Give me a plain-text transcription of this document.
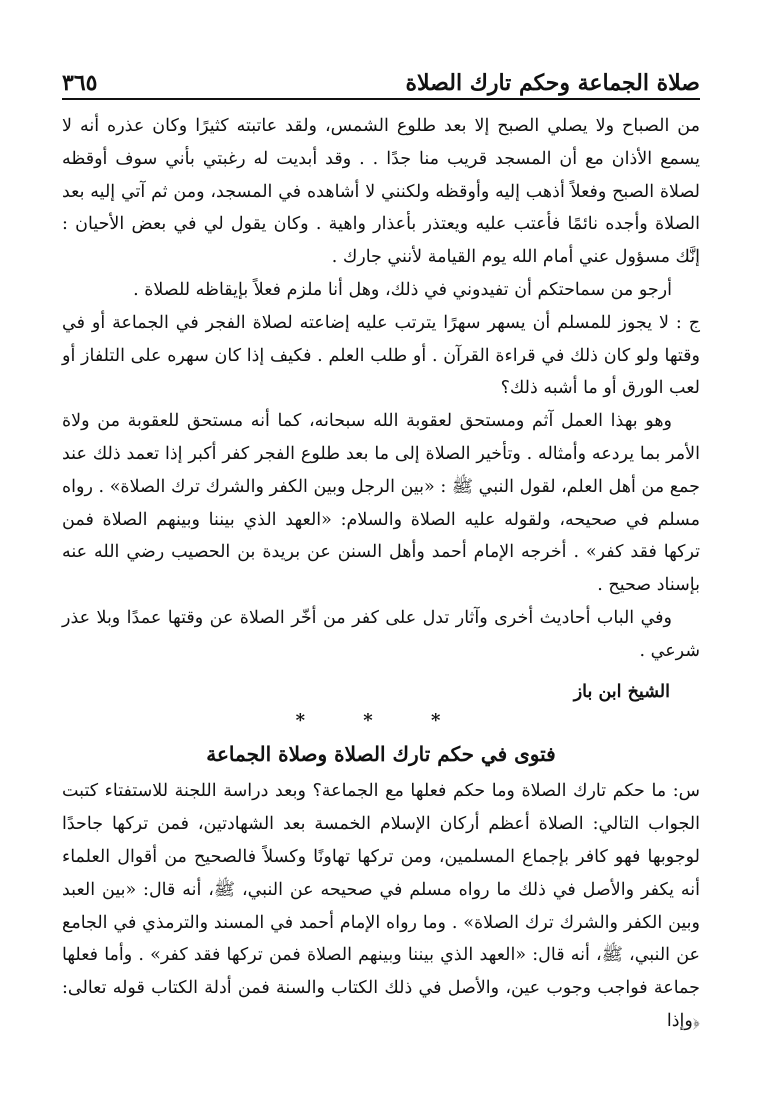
صلاة الجماعة وحكم تارك الصلاة
٣٦٥

من الصباح ولا يصلي الصبح إلا بعد طلوع الشمس، ولقد عاتبته كثيرًا وكان عذره أنه لا يسمع الأذان مع أن المسجد قريب منا جدًا . . وقد أبديت له رغبتي بأني سوف أوقظه لصلاة الصبح وفعلاً أذهب إليه وأوقظه ولكنني لا أشاهده في المسجد، ومن ثم آتي إليه بعد الصلاة وأجده نائمًا فأعتب عليه ويعتذر بأعذار واهية . وكان يقول لي في بعض الأحيان : إنَّك مسؤول عني أمام الله يوم القيامة لأنني جارك .

أرجو من سماحتكم أن تفيدوني في ذلك، وهل أنا ملزم فعلاً بإيقاظه للصلاة .

ج : لا يجوز للمسلم أن يسهر سهرًا يترتب عليه إضاعته لصلاة الفجر في الجماعة أو في وقتها ولو كان ذلك في قراءة القرآن . أو طلب العلم . فكيف إذا كان سهره على التلفاز أو لعب الورق أو ما أشبه ذلك؟

وهو بهذا العمل آثم ومستحق لعقوبة الله سبحانه، كما أنه مستحق للعقوبة من ولاة الأمر بما يردعه وأمثاله . وتأخير الصلاة إلى ما بعد طلوع الفجر كفر أكبر إذا تعمد ذلك عند جمع من أهل العلم، لقول النبي ﷺ : «بين الرجل وبين الكفر والشرك ترك الصلاة» . رواه مسلم في صحيحه، ولقوله عليه الصلاة والسلام: «العهد الذي بيننا وبينهم الصلاة فمن تركها فقد كفر» . أخرجه الإمام أحمد وأهل السنن عن بريدة بن الحصيب رضي الله عنه بإسناد صحيح .

وفي الباب أحاديث أخرى وآثار تدل على كفر من أخّر الصلاة عن وقتها عمدًا وبلا عذر شرعي .

الشيخ ابن باز
* * *
فتوى في حكم تارك الصلاة وصلاة الجماعة

س: ما حكم تارك الصلاة وما حكم فعلها مع الجماعة؟ وبعد دراسة اللجنة للاستفتاء كتبت الجواب التالي: الصلاة أعظم أركان الإسلام الخمسة بعد الشهادتين، فمن تركها جاحدًا لوجوبها فهو كافر بإجماع المسلمين، ومن تركها تهاونًا وكسلاً فالصحيح من أقوال العلماء أنه يكفر والأصل في ذلك ما رواه مسلم في صحيحه عن النبي، ﷺ، أنه قال: «بين العبد وبين الكفر والشرك ترك الصلاة» . وما رواه الإمام أحمد في المسند والترمذي في الجامع عن النبي، ﷺ، أنه قال: «العهد الذي بيننا وبينهم الصلاة فمن تركها فقد كفر» . وأما فعلها جماعة فواجب وجوب عين، والأصل في ذلك الكتاب والسنة فمن أدلة الكتاب قوله تعالى: ﴿وإذا
